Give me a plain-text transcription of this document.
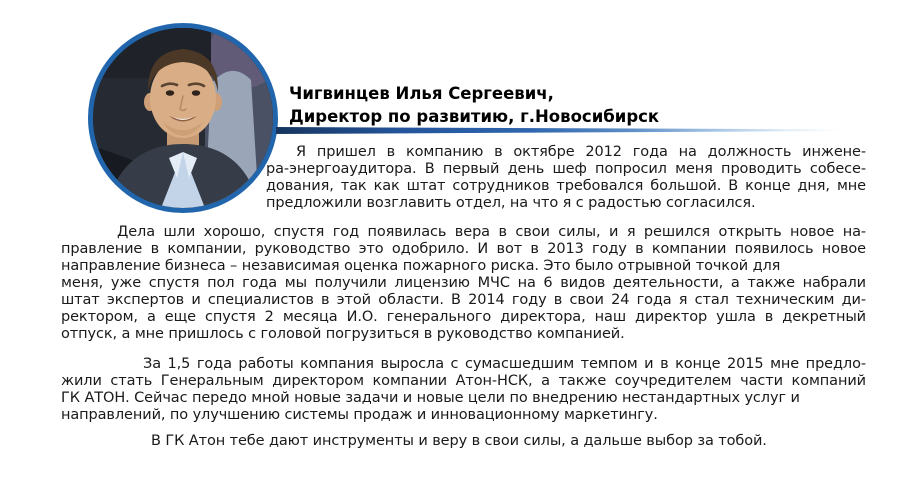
Чигвинцев Илья Сергеевич,
Директор по развитию, г.Новосибирск
Я пришел в компанию в октябре 2012 года на должность инжене-
ра-энергоаудитора. В первый день шеф попросил меня проводить собесе-
дования, так как штат сотрудников требовался большой. В конце дня, мне
предложили возглавить отдел, на что я с радостью согласился.
Дела шли хорошо, спустя год появилась вера в свои силы, и я решился открыть новое на-
правление в компании, руководство это одобрило. И вот в 2013 году в компании появилось новое
направление бизнеса – независимая оценка пожарного риска. Это было отрывной точкой для
меня, уже спустя пол года мы получили лицензию МЧС на 6 видов деятельности, а также набрали
штат экспертов и специалистов в этой области. В 2014 году в свои 24 года я стал техническим ди-
ректором, а еще спустя 2 месяца И.О. генерального директора, наш директор ушла в декретный
отпуск, а мне пришлось с головой погрузиться в руководство компанией.
За 1,5 года работы компания выросла с сумасшедшим темпом и в конце 2015 мне предло-
жили стать Генеральным директором компании Атон-НСК, а также соучредителем части компаний
ГК АТОН. Сейчас передо мной новые задачи и новые цели по внедрению нестандартных услуг и
направлений, по улучшению системы продаж и инновационному маркетингу.
В ГК Атон тебе дают инструменты и веру в свои силы, а дальше выбор за тобой.
